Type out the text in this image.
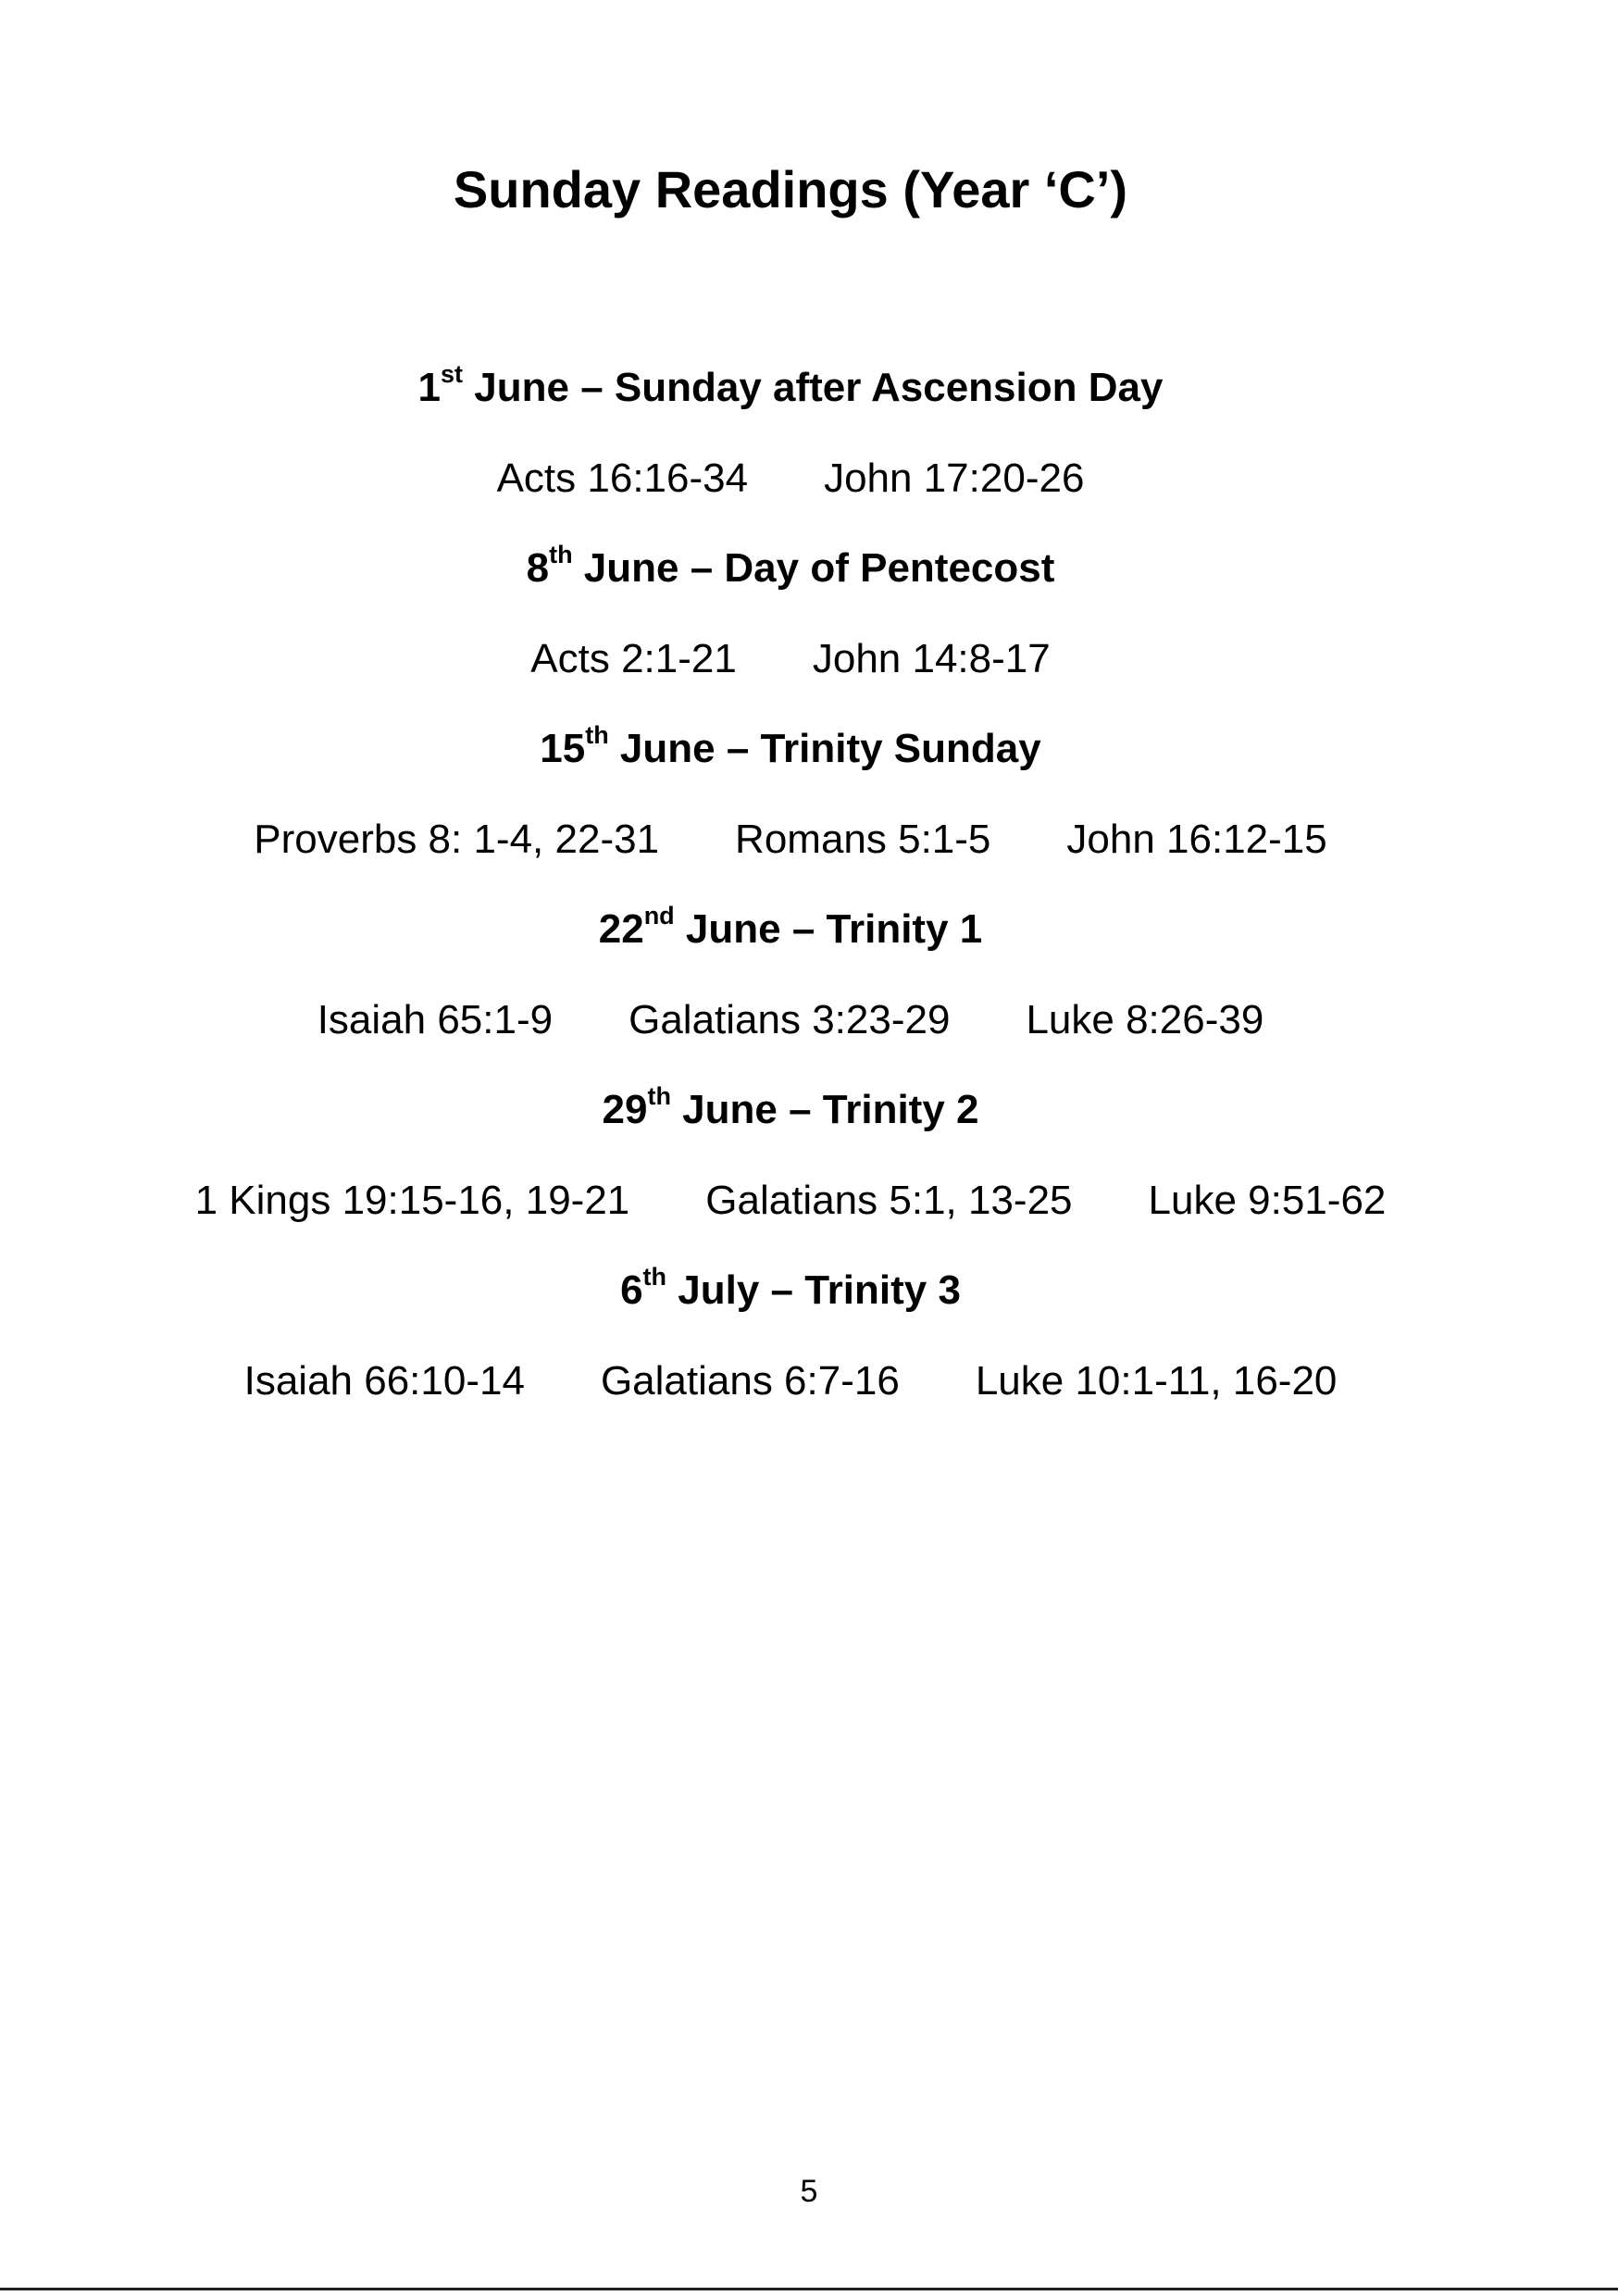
Sunday Readings (Year ‘C’)
1st June – Sunday after Ascension Day
Acts 16:16-34 John 17:20-26
8th June – Day of Pentecost
Acts 2:1-21 John 14:8-17
15th June – Trinity Sunday
Proverbs 8: 1-4, 22-31 Romans 5:1-5 John 16:12-15
22nd June – Trinity 1
Isaiah 65:1-9 Galatians 3:23-29 Luke 8:26-39
29th June – Trinity 2
1 Kings 19:15-16, 19-21 Galatians 5:1, 13-25 Luke 9:51-62
6th July – Trinity 3
Isaiah 66:10-14 Galatians 6:7-16 Luke 10:1-11, 16-20
5
